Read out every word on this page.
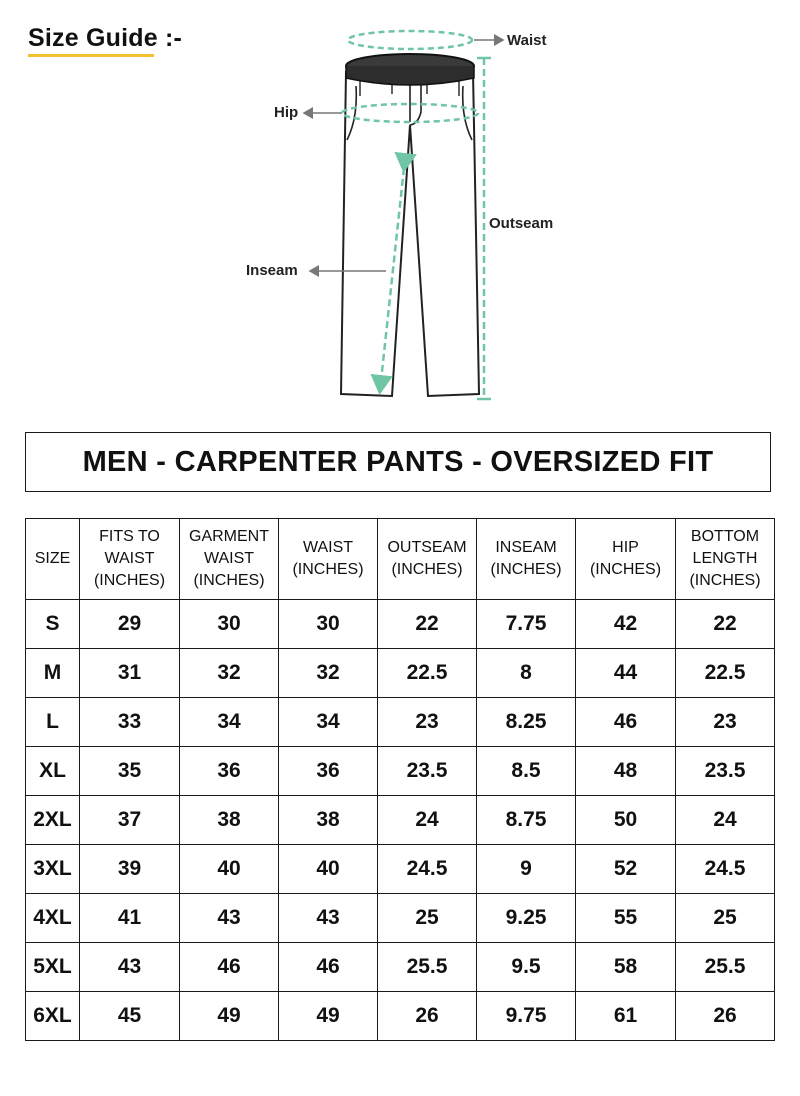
Size Guide :-	Waist
Hip
Outseam
Inseam
MEN - CARPENTER PANTS - OVERSIZED FIT
SIZE	FITS TO
WAIST
(INCHES)	GARMENT
WAIST
(INCHES)	WAIST
(INCHES)	OUTSEAM
(INCHES)	INSEAM
(INCHES)	HIP
(INCHES)	BOTTOM
LENGTH
(INCHES)

S	29	30	30	22	7.75	42	22
M	31	32	32	22.5	8	44	22.5
L	33	34	34	23	8.25	46	23
XL	35	36	36	23.5	8.5	48	23.5
2XL	37	38	38	24	8.75	50	24
3XL	39	40	40	24.5	9	52	24.5
4XL	41	43	43	25	9.25	55	25
5XL	43	46	46	25.5	9.5	58	25.5
6XL	45	49	49	26	9.75	61	26
